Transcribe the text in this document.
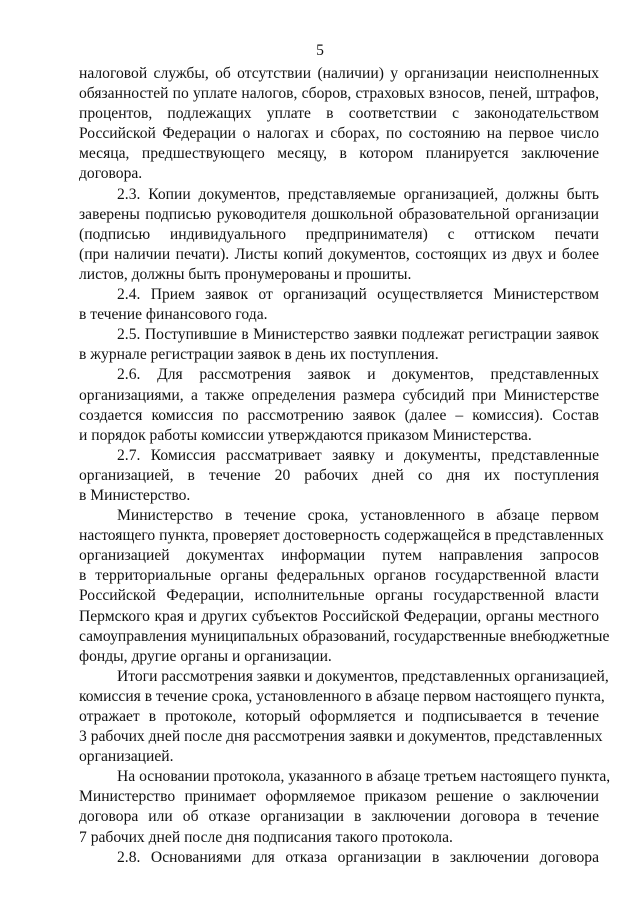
5
налоговой службы, об отсутствии (наличии) у организации неисполненных
обязанностей по уплате налогов, сборов, страховых взносов, пеней, штрафов,
процентов, подлежащих уплате в соответствии с законодательством
Российской Федерации о налогах и сборах, по состоянию на первое число
месяца, предшествующего месяцу, в котором планируется заключение
договора.
2.3. Копии документов, представляемые организацией, должны быть
заверены подписью руководителя дошкольной образовательной организации
(подписью индивидуального предпринимателя) с оттиском печати
(при наличии печати). Листы копий документов, состоящих из двух и более
листов, должны быть пронумерованы и прошиты.
2.4. Прием заявок от организаций осуществляется Министерством
в течение финансового года.
2.5. Поступившие в Министерство заявки подлежат регистрации заявок
в журнале регистрации заявок в день их поступления.
2.6. Для рассмотрения заявок и документов, представленных
организациями, а также определения размера субсидий при Министерстве
создается комиссия по рассмотрению заявок (далее – комиссия). Состав
и порядок работы комиссии утверждаются приказом Министерства.
2.7. Комиссия рассматривает заявку и документы, представленные
организацией, в течение 20 рабочих дней со дня их поступления
в Министерство.
Министерство в течение срока, установленного в абзаце первом
настоящего пункта, проверяет достоверность содержащейся в представленных
организацией документах информации путем направления запросов
в территориальные органы федеральных органов государственной власти
Российской Федерации, исполнительные органы государственной власти
Пермского края и других субъектов Российской Федерации, органы местного
самоуправления муниципальных образований, государственные внебюджетные
фонды, другие органы и организации.
Итоги рассмотрения заявки и документов, представленных организацией,
комиссия в течение срока, установленного в абзаце первом настоящего пункта,
отражает в протоколе, который оформляется и подписывается в течение
3 рабочих дней после дня рассмотрения заявки и документов, представленных
организацией.
На основании протокола, указанного в абзаце третьем настоящего пункта,
Министерство принимает оформляемое приказом решение о заключении
договора или об отказе организации в заключении договора в течение
7 рабочих дней после дня подписания такого протокола.
2.8. Основаниями для отказа организации в заключении договора
